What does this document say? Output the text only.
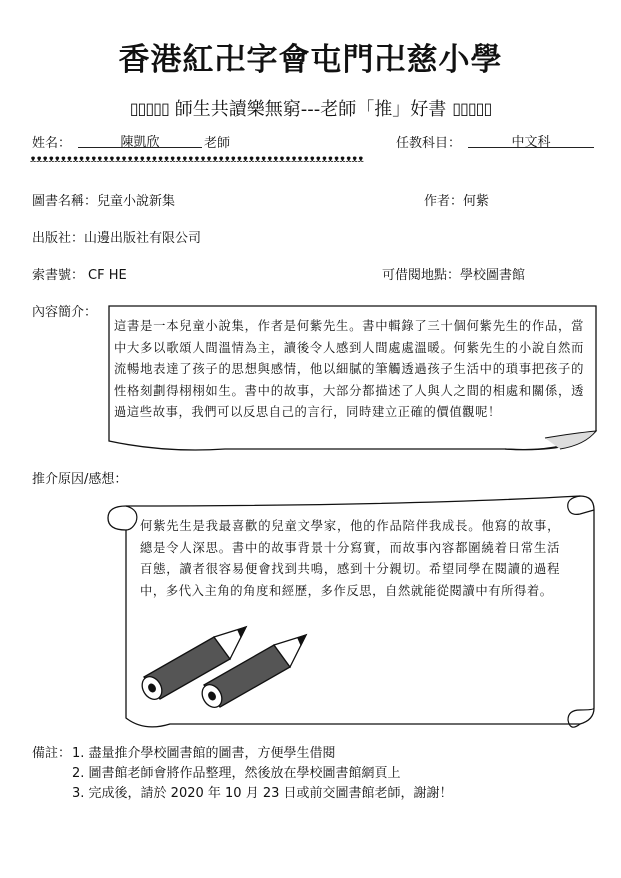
香港紅卍字會屯門卍慈小學
▯▯▯▯▯ 師生共讀樂無窮---老師「推」好書 ▯▯▯▯▯
姓名：	陳凱欣	老師	任教科目：	中文科
ᴥᴥᴥᴥᴥᴥᴥᴥᴥᴥᴥᴥᴥᴥᴥᴥᴥᴥᴥᴥᴥᴥᴥᴥᴥᴥᴥᴥᴥᴥᴥᴥᴥᴥᴥᴥᴥᴥᴥᴥᴥᴥᴥᴥᴥᴥᴥᴥᴥᴥᴥᴥᴥᴥᴥ
圖書名稱：兒童小說新集	作者：何紫
出版社：山邊出版社有限公司
索書號： CF HE	可借閱地點：學校圖書館
內容簡介：
這書是一本兒童小說集，作者是何紫先生。書中輯錄了三十個何紫先生的作品，當中大多以歌頌人間溫情為主，讀後令人感到人間處處溫暖。何紫先生的小說自然而流暢地表達了孩子的思想與感情，他以細膩的筆觸透過孩子生活中的瑣事把孩子的性格刻劃得栩栩如生。書中的故事，大部分都描述了人與人之間的相處和關係，透過這些故事，我們可以反思自己的言行，同時建立正確的價值觀呢！
推介原因/感想：
何紫先生是我最喜歡的兒童文學家，他的作品陪伴我成長。他寫的故事，總是令人深思。書中的故事背景十分寫實，而故事內容都圍繞着日常生活百態，讀者很容易便會找到共鳴，感到十分親切。希望同學在閱讀的過程中，多代入主角的角度和經歷，多作反思，自然就能從閱讀中有所得着。
備註： 1. 盡量推介學校圖書館的圖書，方便學生借閱
2. 圖書館老師會將作品整理，然後放在學校圖書館網頁上
3. 完成後，請於 2020 年 10 月 23 日或前交圖書館老師，謝謝！
